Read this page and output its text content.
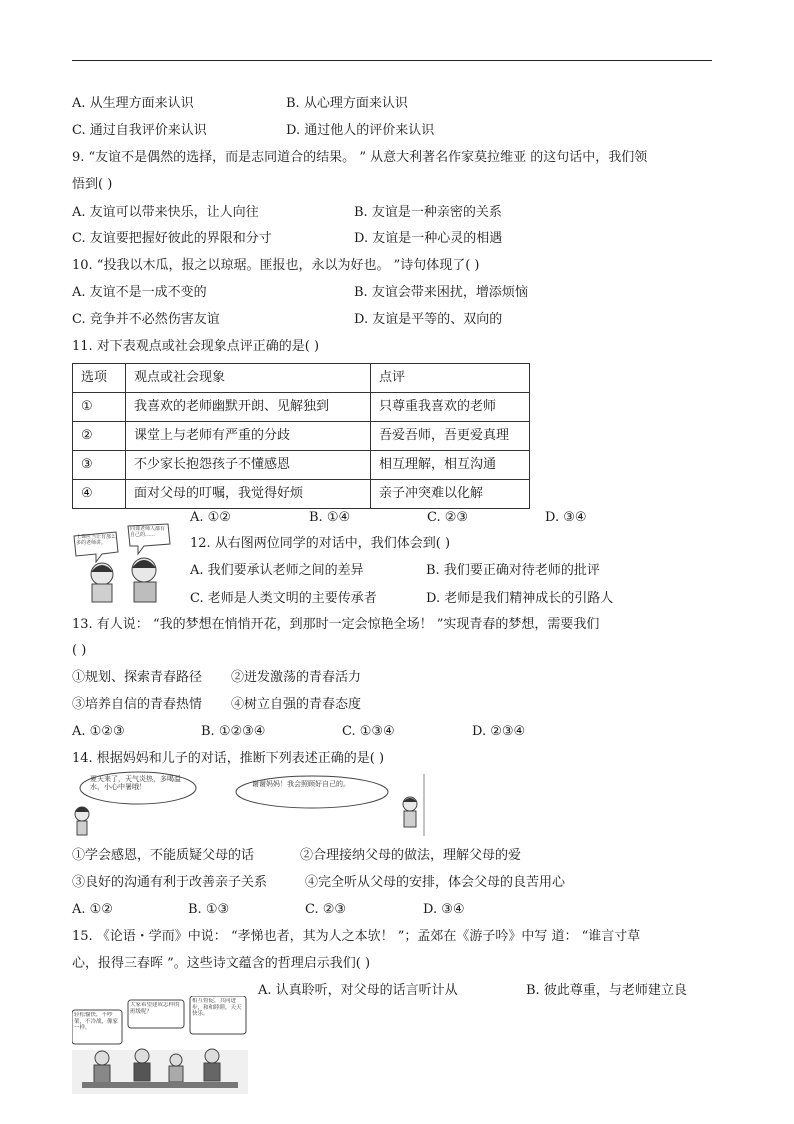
A. 从生理方面来认识	B. 从心理方面来认识
C. 通过自我评价来认识	D. 通过他人的评价来认识
9. “友谊不是偶然的选择，而是志同道合的结果。 ” 从意大利著名作家莫拉维亚 的这句话中，我们领
悟到( )
A. 友谊可以带来快乐，让人向往	B. 友谊是一种亲密的关系
C. 友谊要把握好彼此的界限和分寸	D. 友谊是一种心灵的相遇
10. “投我以木瓜，报之以琼琚。匪报也，永以为好也。 ”诗句体现了( )
A. 友谊不是一成不变的	B. 友谊会带来困扰，增添烦恼
C. 竞争并不必然伤害友谊	D. 友谊是平等的、双向的
11. 对下表观点或社会现象点评正确的是( )
选项	观点或社会现象	点评
①	我喜欢的老师幽默开朗、见解独到	只尊重我喜欢的老师
②	课堂上与老师有严重的分歧	吾爱吾师，吾更爱真理
③	不少家长抱怨孩子不懂感恩	相互理解，相互沟通
④	面对父母的叮嘱，我觉得好烦	亲子冲突难以化解
A. ①②	B. ①④	C. ②③	D. ③④
上课应当让有那么多的老师讲。
同课老师人都有自己的……
12. 从右图两位同学的对话中，我们体会到( )
A. 我们要承认老师之间的差异	B. 我们要正确对待老师的批评
C. 老师是人类文明的主要传承者	D. 老师是我们精神成长的引路人
13. 有人说： “我的梦想在悄悄开花，到那时一定会惊艳全场！ ”实现青春的梦想，需要我们
( )
①规划、探索青春路径 ②迸发激荡的青春活力
③培养自信的青春热情 ④树立自强的青春态度
A. ①②③	B. ①②③④	C. ①③④	D. ②③④
14. 根据妈妈和儿子的对话，推断下列表述正确的是( )
夏天来了，天气炎热，多喝温水，小心中暑哦！	谢谢妈妈！我会照顾好自己的。
①学会感恩，不能质疑父母的话	②合理接纳父母的做法，理解父母的爱
③良好的沟通有利于改善亲子关系	④完全听从父母的安排，体会父母的良苦用心
A. ①②	B. ①③	C. ②③	D. ③④
15. 《论语・学而》中说： “孝悌也者，其为人之本欤！ ”；孟郊在《游子吟》中写 道： “谁言寸草
心，报得三春晖 ”。这些诗文蕴含的哲理启示我们( )
A. 认真聆听，对父母的话言听计从	B. 彼此尊重，与老师建立良
轻松愉快，不吵架，不冷战，像家一样。
大家希望建成怎样的班级呢？
相互督促，共同进步，和和睦睦，天天快乐。
